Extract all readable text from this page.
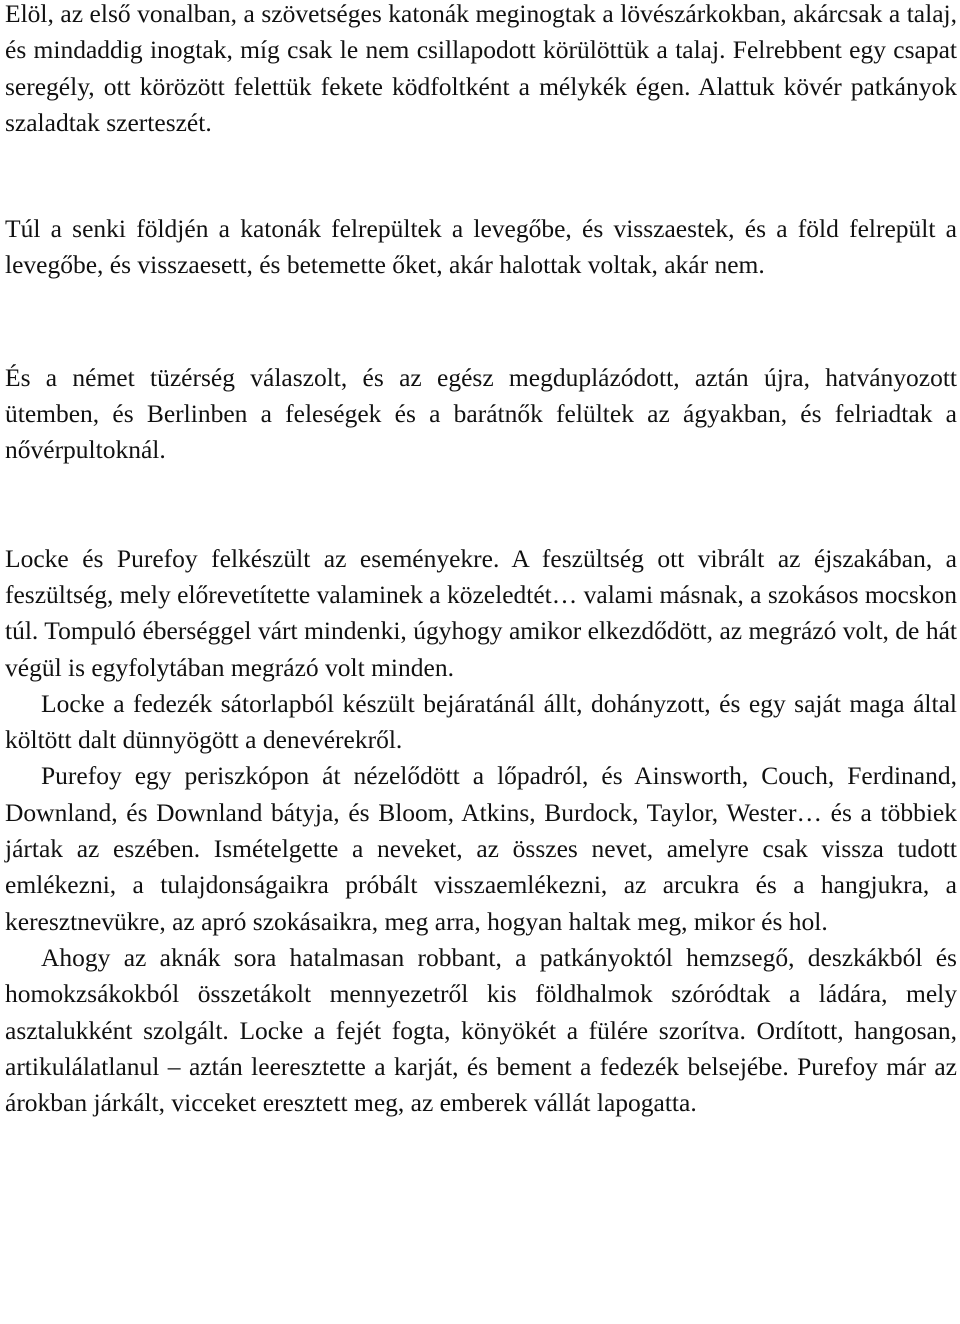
Elöl, az első vonalban, a szövetséges katonák meginogtak a lövészárkokban, akárcsak a talaj, és mindaddig inogtak, míg csak le nem csillapodott körülöttük a talaj. Felrebbent egy csapat seregély, ott körözött felettük fekete ködfoltként a mélykék égen. Alattuk kövér patkányok szaladtak szerteszét.

Túl a senki földjén a katonák felrepültek a levegőbe, és visszaestek, és a föld felrepült a levegőbe, és visszaesett, és betemette őket, akár halottak voltak, akár nem.

És a német tüzérség válaszolt, és az egész megduplázódott, aztán újra, hatványozott ütemben, és Berlinben a feleségek és a barátnők felültek az ágyakban, és felriadtak a nővérpultoknál.

Locke és Purefoy felkészült az eseményekre. A feszültség ott vibrált az éjszakában, a feszültség, mely előrevetítette valaminek a közeledtét… valami másnak, a szokásos mocskon túl. Tompuló éberséggel várt mindenki, úgyhogy amikor elkezdődött, az megrázó volt, de hát végül is egyfolytában megrázó volt minden.

Locke a fedezék sátorlapból készült bejáratánál állt, dohányzott, és egy saját maga által költött dalt dünnyögött a denevérekről.

Purefoy egy periszkópon át nézelődött a lőpadról, és Ainsworth, Couch, Ferdinand, Downland, és Downland bátyja, és Bloom, Atkins, Burdock, Taylor, Wester… és a többiek jártak az eszében. Ismételgette a neveket, az összes nevet, amelyre csak vissza tudott emlékezni, a tulajdonságaikra próbált visszaemlékezni, az arcukra és a hangjukra, a keresztnevükre, az apró szokásaikra, meg arra, hogyan haltak meg, mikor és hol.

Ahogy az aknák sora hatalmasan robbant, a patkányoktól hemzsegő, deszkákból és homokzsákokból összetákolt mennyezetről kis földhalmok szóródtak a ládára, mely asztalukként szolgált. Locke a fejét fogta, könyökét a fülére szorítva. Ordított, hangosan, artikulálatlanul – aztán leeresztette a karját, és bement a fedezék belsejébe. Purefoy már az árokban járkált, vicceket eresztett meg, az emberek vállát lapogatta.
